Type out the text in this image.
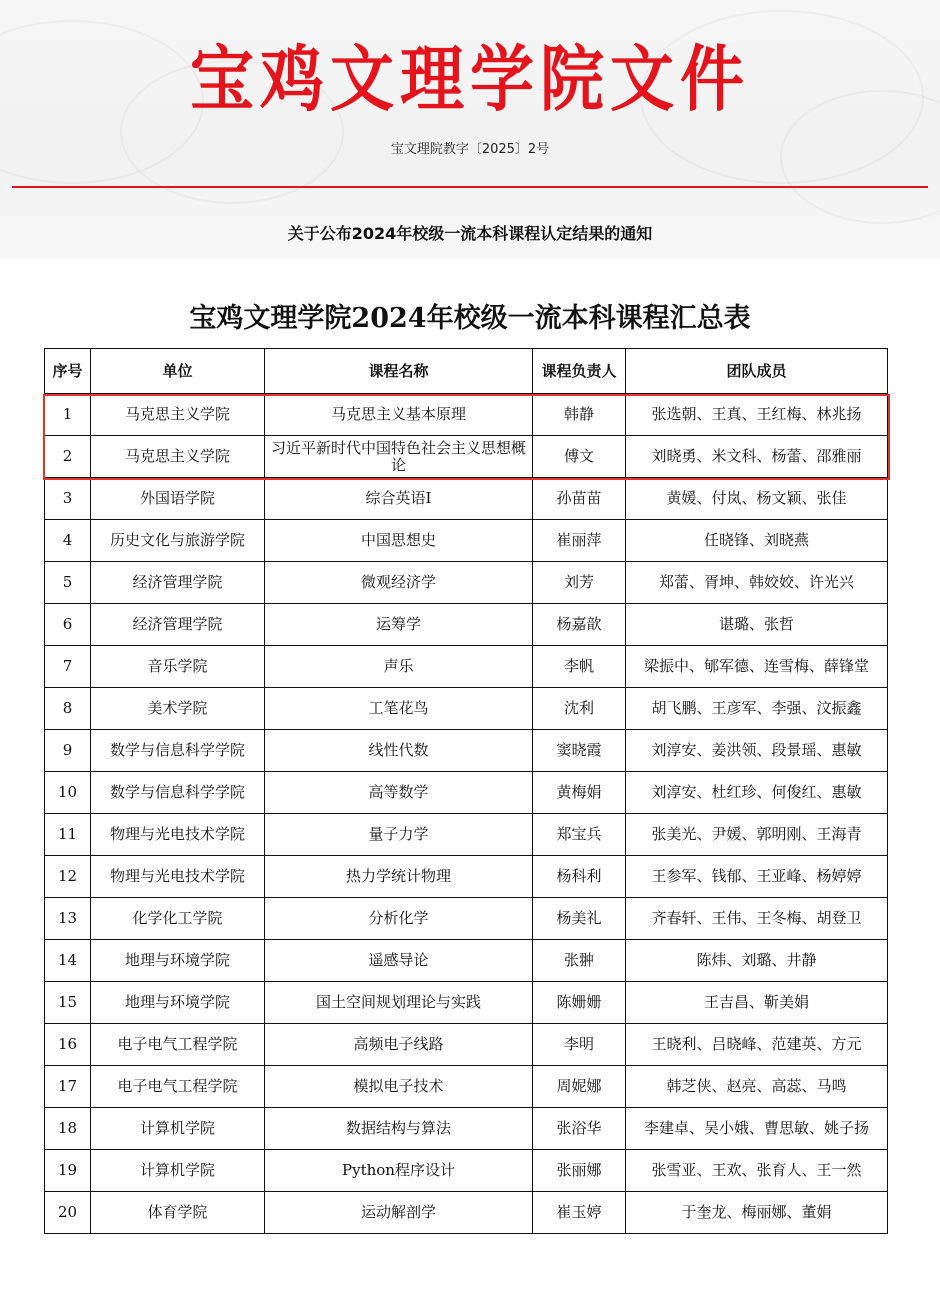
宝鸡文理学院文件
宝文理院教字〔2025〕2号
关于公布2024年校级一流本科课程认定结果的通知
宝鸡文理学院2024年校级一流本科课程汇总表
序号	单位	课程名称	课程负责人	团队成员
1	马克思主义学院	马克思主义基本原理	韩静	张选朝、王真、王红梅、林兆扬
2	马克思主义学院	习近平新时代中国特色社会主义思想概论	傅文	刘晓勇、米文科、杨蕾、邵雅丽
3	外国语学院	综合英语I	孙苗苗	黄媛、付岚、杨文颖、张佳
4	历史文化与旅游学院	中国思想史	崔丽萍	任晓锋、刘晓燕
5	经济管理学院	微观经济学	刘芳	郑蕾、胥坤、韩姣姣、许光兴
6	经济管理学院	运筹学	杨嘉歆	谌璐、张哲
7	音乐学院	声乐	李帆	梁振中、郇军德、连雪梅、薛锋堂
8	美术学院	工笔花鸟	沈利	胡飞鹏、王彦军、李强、汶振鑫
9	数学与信息科学学院	线性代数	窦晓霞	刘淳安、姜洪领、段景瑶、惠敏
10	数学与信息科学学院	高等数学	黄梅娟	刘淳安、杜红珍、何俊红、惠敏
11	物理与光电技术学院	量子力学	郑宝兵	张美光、尹媛、郭明刚、王海青
12	物理与光电技术学院	热力学统计物理	杨科利	王参军、钱郁、王亚峰、杨婷婷
13	化学化工学院	分析化学	杨美礼	齐春轩、王伟、王冬梅、胡登卫
14	地理与环境学院	遥感导论	张翀	陈炜、刘璐、井静
15	地理与环境学院	国土空间规划理论与实践	陈姗姗	王吉昌、靳美娟
16	电子电气工程学院	高频电子线路	李明	王晓利、吕晓峰、范建英、方元
17	电子电气工程学院	模拟电子技术	周妮娜	韩芝侠、赵亮、高蕊、马鸣
18	计算机学院	数据结构与算法	张浴华	李建卓、吴小娥、曹思敏、姚子扬
19	计算机学院	Python程序设计	张丽娜	张雪亚、王欢、张育人、王一然
20	体育学院	运动解剖学	崔玉婷	于奎龙、梅丽娜、董娟
